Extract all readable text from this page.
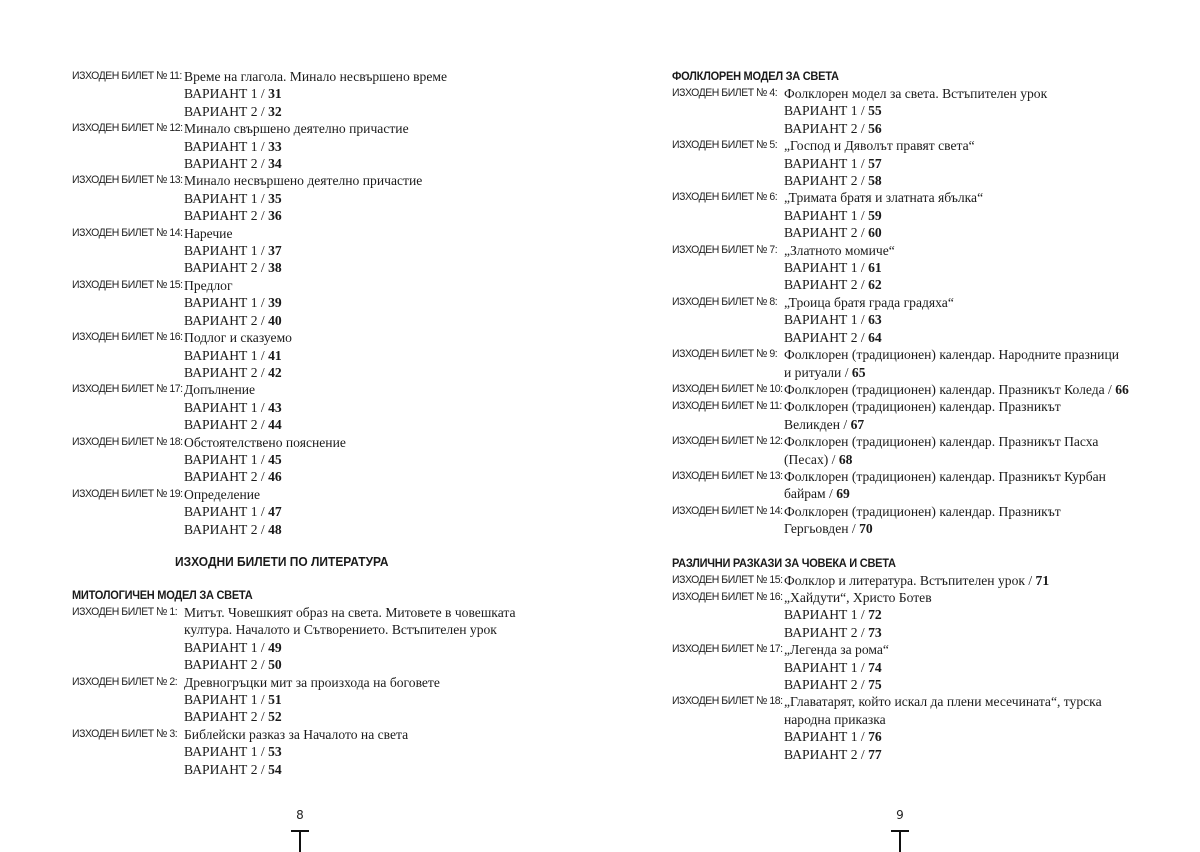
ИЗХОДЕН БИЛЕТ № 11: Време на глагола. Минало несвършено време
ВАРИАНТ 1 / 31
ВАРИАНТ 2 / 32
ИЗХОДЕН БИЛЕТ № 12: Минало свършено деятелно причастие
ВАРИАНТ 1 / 33
ВАРИАНТ 2 / 34
ИЗХОДЕН БИЛЕТ № 13: Минало несвършено деятелно причастие
ВАРИАНТ 1 / 35
ВАРИАНТ 2 / 36
ИЗХОДЕН БИЛЕТ № 14: Наречие
ВАРИАНТ 1 / 37
ВАРИАНТ 2 / 38
ИЗХОДЕН БИЛЕТ № 15: Предлог
ВАРИАНТ 1 / 39
ВАРИАНТ 2 / 40
ИЗХОДЕН БИЛЕТ № 16: Подлог и сказуемо
ВАРИАНТ 1 / 41
ВАРИАНТ 2 / 42
ИЗХОДЕН БИЛЕТ № 17: Допълнение
ВАРИАНТ 1 / 43
ВАРИАНТ 2 / 44
ИЗХОДЕН БИЛЕТ № 18: Обстоятелствено пояснение
ВАРИАНТ 1 / 45
ВАРИАНТ 2 / 46
ИЗХОДЕН БИЛЕТ № 19: Определение
ВАРИАНТ 1 / 47
ВАРИАНТ 2 / 48
ИЗХОДНИ БИЛЕТИ ПО ЛИТЕРАТУРА
МИТОЛОГИЧЕН МОДЕЛ ЗА СВЕТА
ИЗХОДЕН БИЛЕТ № 1: Митът. Човешкият образ на света. Митовете в човешката
култура. Началото и Сътворението. Встъпителен урок
ВАРИАНТ 1 / 49
ВАРИАНТ 2 / 50
ИЗХОДЕН БИЛЕТ № 2: Древногръцки мит за произхода на боговете
ВАРИАНТ 1 / 51
ВАРИАНТ 2 / 52
ИЗХОДЕН БИЛЕТ № 3: Библейски разказ за Началото на света
ВАРИАНТ 1 / 53
ВАРИАНТ 2 / 54
8
ФОЛКЛОРЕН МОДЕЛ ЗА СВЕТА
ИЗХОДЕН БИЛЕТ № 4: Фолклорен модел за света. Встъпителен урок
ВАРИАНТ 1 / 55
ВАРИАНТ 2 / 56
ИЗХОДЕН БИЛЕТ № 5: „Господ и Дяволът правят света“
ВАРИАНТ 1 / 57
ВАРИАНТ 2 / 58
ИЗХОДЕН БИЛЕТ № 6: „Тримата братя и златната ябълка“
ВАРИАНТ 1 / 59
ВАРИАНТ 2 / 60
ИЗХОДЕН БИЛЕТ № 7: „Златното момиче“
ВАРИАНТ 1 / 61
ВАРИАНТ 2 / 62
ИЗХОДЕН БИЛЕТ № 8: „Троица братя града градяха“
ВАРИАНТ 1 / 63
ВАРИАНТ 2 / 64
ИЗХОДЕН БИЛЕТ № 9: Фолклорен (традиционен) календар. Народните празници
и ритуали / 65
ИЗХОДЕН БИЛЕТ № 10: Фолклорен (традиционен) календар. Празникът Коледа / 66
ИЗХОДЕН БИЛЕТ № 11: Фолклорен (традиционен) календар. Празникът
Великден / 67
ИЗХОДЕН БИЛЕТ № 12: Фолклорен (традиционен) календар. Празникът Пасха
(Песах) / 68
ИЗХОДЕН БИЛЕТ № 13: Фолклорен (традиционен) календар. Празникът Курбан
байрам / 69
ИЗХОДЕН БИЛЕТ № 14: Фолклорен (традиционен) календар. Празникът
Гергьовден / 70
РАЗЛИЧНИ РАЗКАЗИ ЗА ЧОВЕКА И СВЕТА
ИЗХОДЕН БИЛЕТ № 15: Фолклор и литература. Встъпителен урок / 71
ИЗХОДЕН БИЛЕТ № 16: „Хайдути“, Христо Ботев
ВАРИАНТ 1 / 72
ВАРИАНТ 2 / 73
ИЗХОДЕН БИЛЕТ № 17: „Легенда за рома“
ВАРИАНТ 1 / 74
ВАРИАНТ 2 / 75
ИЗХОДЕН БИЛЕТ № 18: „Главатарят, който искал да плени месечината“, турска
народна приказка
ВАРИАНТ 1 / 76
ВАРИАНТ 2 / 77
9
